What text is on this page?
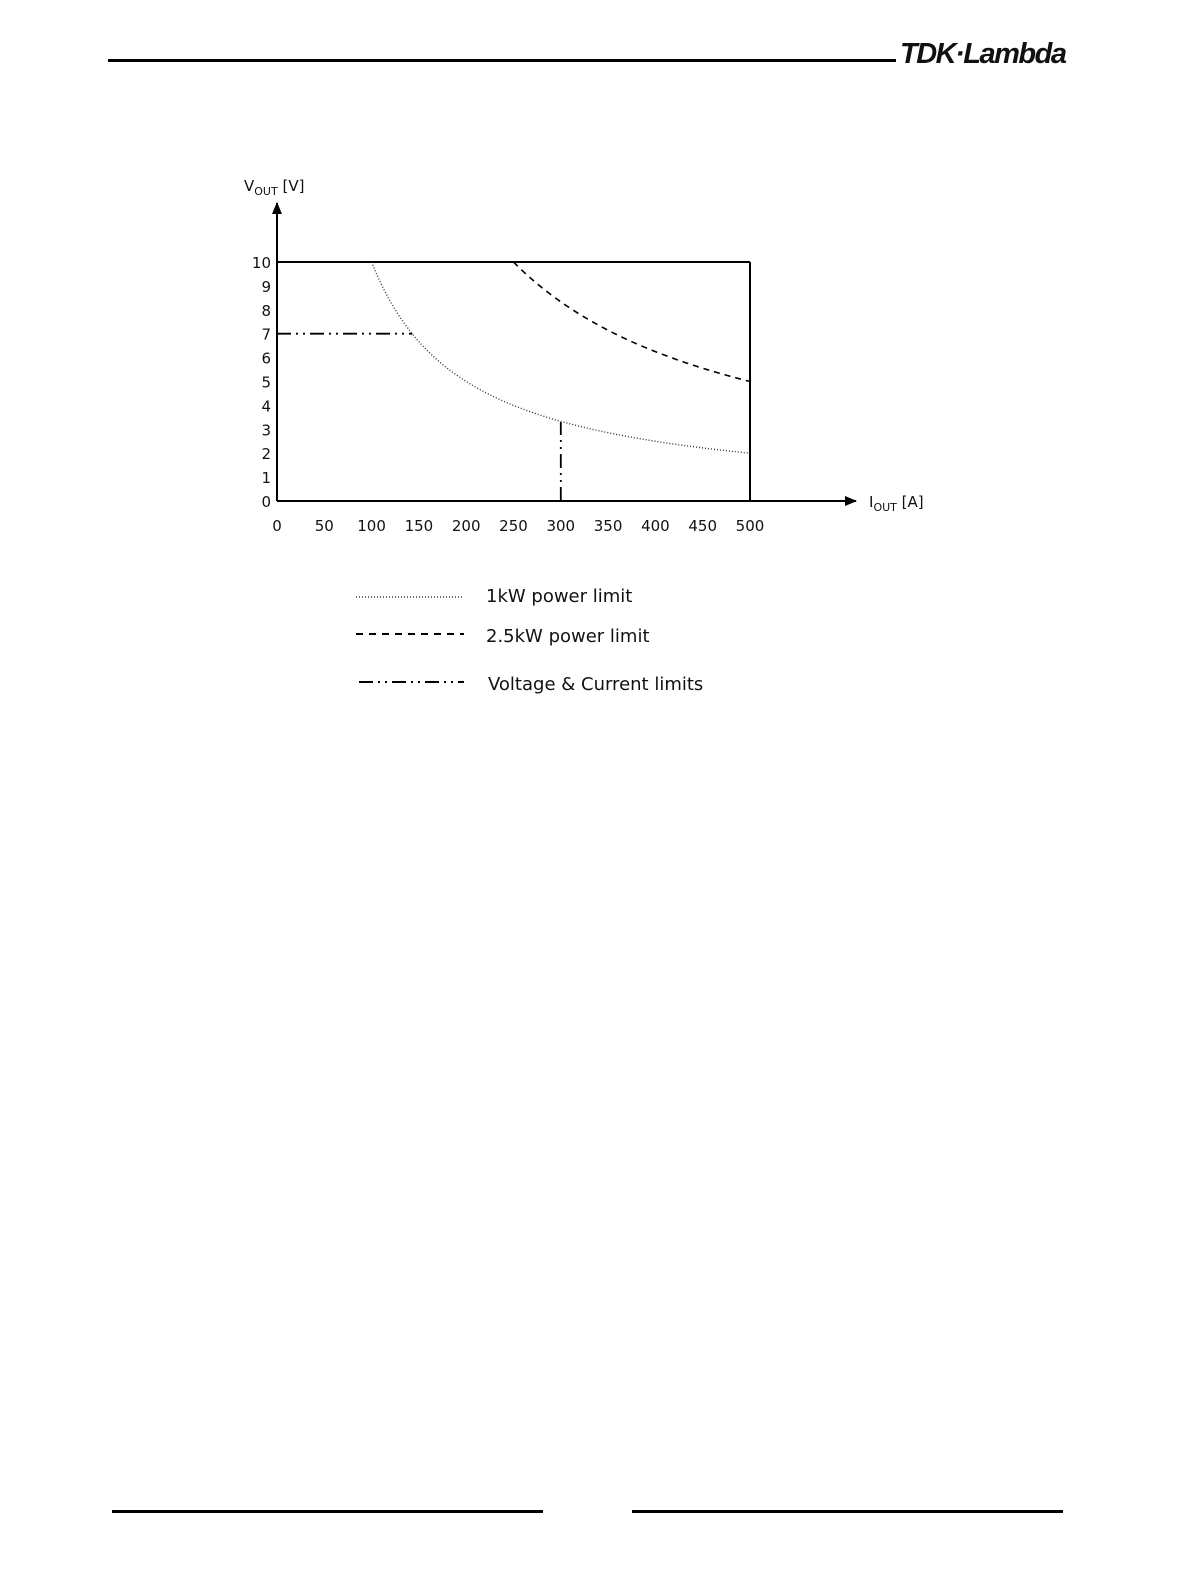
TDK·Lambda
$V_{OUT}$ [V]
$I_{OUT}$ [A]
0 50 100 150 200 250 300 350 400 450 500
0
1
2
3
4
5
6
7
8
9
10
1kW power limit
2.5kW power limit
Voltage & Current limits
